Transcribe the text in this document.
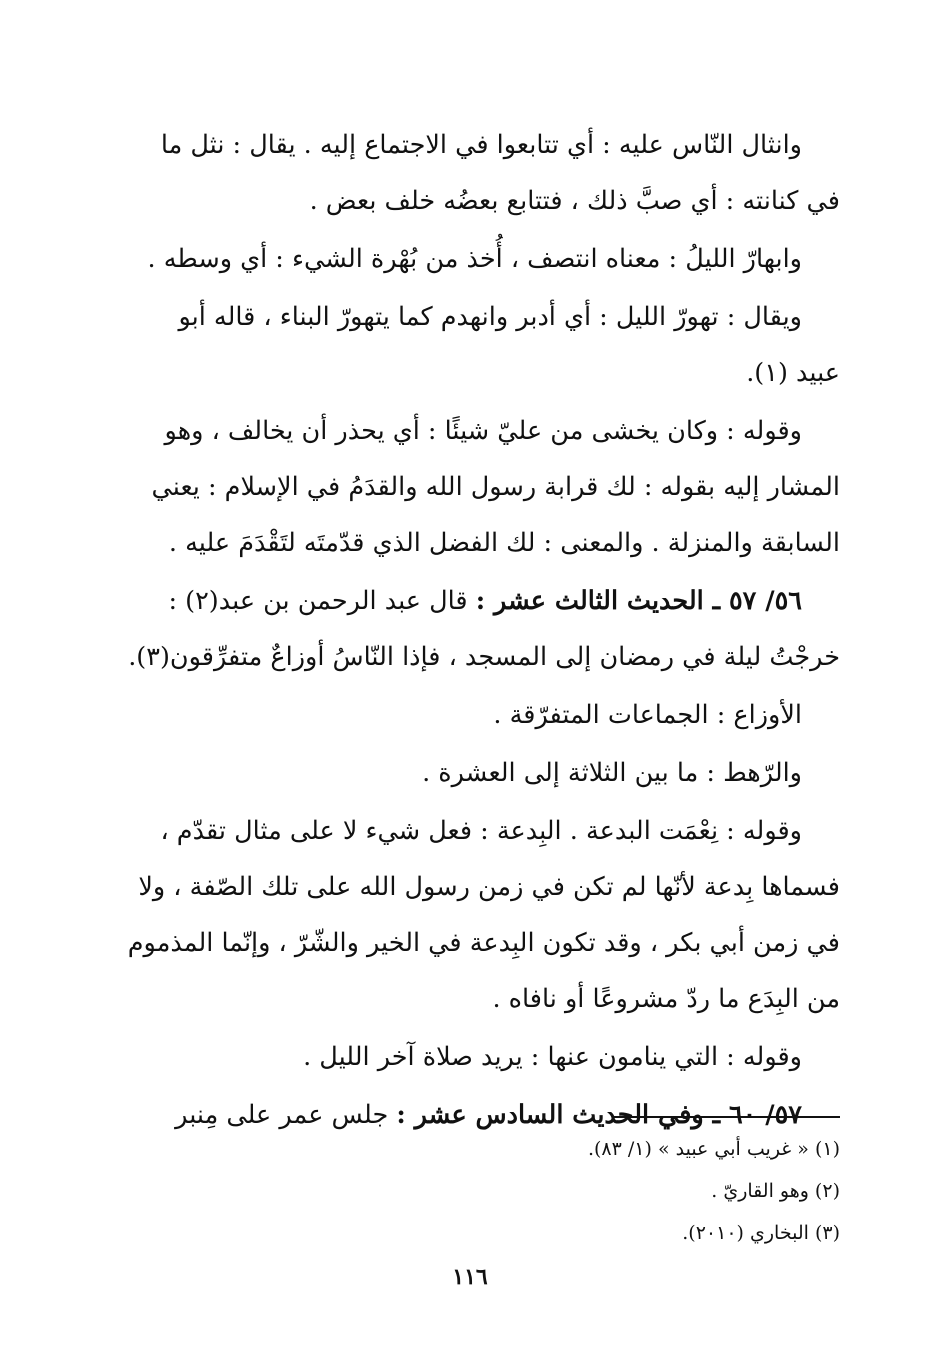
وانثال النّاس عليه : أي تتابعوا في الاجتماع إليه . يقال : نثل ما
في كنانته : أي صبَّ ذلك ، فتتابع بعضُه خلف بعض .
وابهارّ الليلُ : معناه انتصف ، أُخذ من بُهْرة الشيء : أي وسطه .
ويقال : تهورّ الليل : أي أدبر وانهدم كما يتهورّ البناء ، قاله أبو
عبيد (١).
وقوله : وكان يخشى من عليّ شيئًا : أي يحذر أن يخالف ، وهو
المشار إليه بقوله : لك قرابة رسول الله والقدَمُ في الإسلام : يعني
السابقة والمنزلة . والمعنى : لك الفضل الذي قدّمتَه لتَقْدَمَ عليه .
٥٦/ ٥٧ ـ الحديث الثالث عشر : قال عبد الرحمن بن عبد(٢) :
خرجْتُ ليلة في رمضان إلى المسجد ، فإذا النّاسُ أوزاعٌ متفرِّقون(٣).
الأوزاع : الجماعات المتفرّقة .
والرّهط : ما بين الثلاثة إلى العشرة .
وقوله : نِعْمَت البدعة . البِدعة : فعل شيء لا على مثال تقدّم ،
فسماها بِدعة لأنّها لم تكن في زمن رسول الله على تلك الصّفة ، ولا
في زمن أبي بكر ، وقد تكون البِدعة في الخير والشّرّ ، وإنّما المذموم
من البِدَع ما ردّ مشروعًا أو نافاه .
وقوله : التي ينامون عنها : يريد صلاة آخر الليل .
٥٧/ ٦٠ ـ وفي الحديث السادس عشر : جلس عمر على مِنبر
(١) « غريب أبي عبيد » (١/ ٨٣).
(٢) وهو القاريّ .
(٣) البخاري (٢٠١٠).
١١٦
